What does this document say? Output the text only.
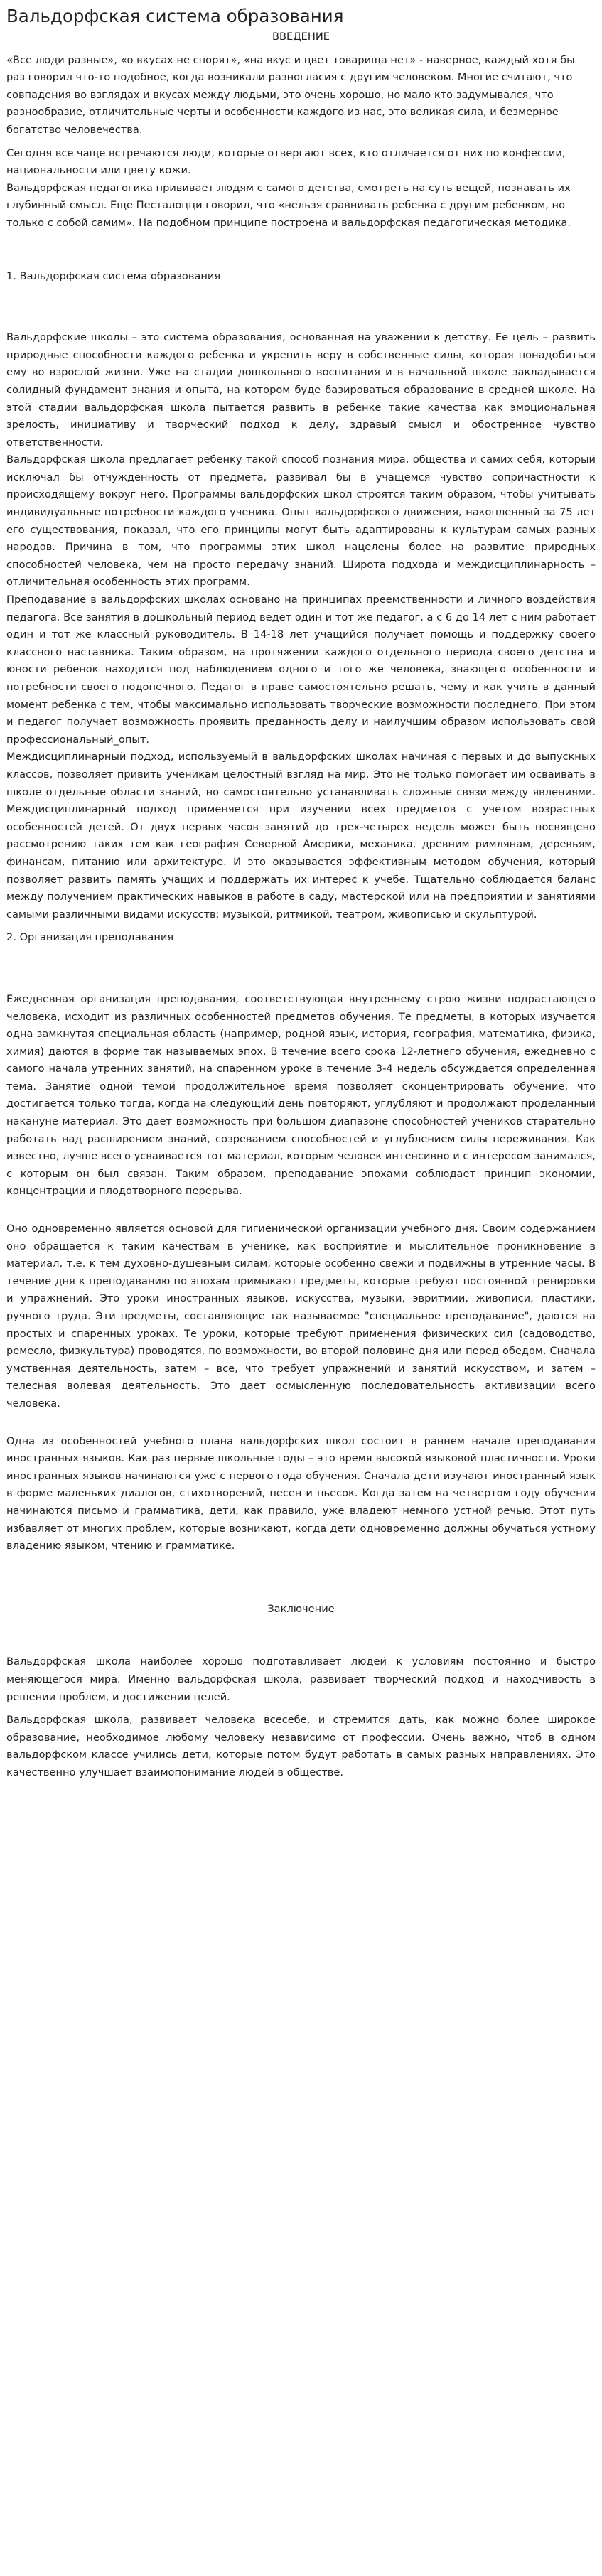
Вальдорфская система образования
ВВЕДЕНИЕ

«Все люди разные», «о вкусах не спорят», «на вкус и цвет товарища нет» - наверное, каждый хотя бы раз говорил что-то подобное, когда возникали разногласия с другим человеком. Многие считают, что совпадения во взглядах и вкусах между людьми, это очень хорошо, но мало кто задумывался, что разнообразие, отличительные черты и особенности каждого из нас, это великая сила, и безмерное богатство человечества.

Сегодня все чаще встречаются люди, которые отвергают всех, кто отличается от них по конфессии, национальности или цвету кожи.

Вальдорфская педагогика прививает людям с самого детства, смотреть на суть вещей, познавать их глубинный смысл. Еще Песталоцци говорил, что «нельзя сравнивать ребенка с другим ребенком, но только с собой самим». На подобном принципе построена и вальдорфская педагогическая методика.

1. Вальдорфская система образования

Вальдорфские школы – это система образования, основанная на уважении к детству. Ее цель – развить природные способности каждого ребенка и укрепить веру в собственные силы, которая понадобиться ему во взрослой жизни. Уже на стадии дошкольного воспитания и в начальной школе закладывается солидный фундамент знания и опыта, на котором буде базироваться образование в средней школе. На этой стадии вальдорфская школа пытается развить в ребенке такие качества как эмоциональная зрелость, инициативу и творческий подход к делу, здравый смысл и обостренное чувство ответственности.

Вальдорфская школа предлагает ребенку такой способ познания мира, общества и самих себя, который исключал бы отчужденность от предмета, развивал бы в учащемся чувство сопричастности к происходящему вокруг него. Программы вальдорфских школ строятся таким образом, чтобы учитывать индивидуальные потребности каждого ученика. Опыт вальдорфского движения, накопленный за 75 лет его существования, показал, что его принципы могут быть адаптированы к культурам самых разных народов. Причина в том, что программы этих школ нацелены более на развитие природных способностей человека, чем на просто передачу знаний. Широта подхода и междисциплинарность – отличительная особенность этих программ.

Преподавание в вальдорфских школах основано на принципах преемственности и личного воздействия педагога. Все занятия в дошкольный период ведет один и тот же педагог, а с 6 до 14 лет с ним работает один и тот же классный руководитель. В 14-18 лет учащийся получает помощь и поддержку своего классного наставника. Таким образом, на протяжении каждого отдельного периода своего детства и юности ребенок находится под наблюдением одного и того же человека, знающего особенности и потребности своего подопечного. Педагог в праве самостоятельно решать, чему и как учить в данный момент ребенка с тем, чтобы максимально использовать творческие возможности последнего. При этом и педагог получает возможность проявить преданность делу и наилучшим образом использовать свой профессиональный_опыт.

Междисциплинарный подход, используемый в вальдорфских школах начиная с первых и до выпускных классов, позволяет привить ученикам целостный взгляд на мир. Это не только помогает им осваивать в школе отдельные области знаний, но самостоятельно устанавливать сложные связи между явлениями. Междисциплинарный подход применяется при изучении всех предметов с учетом возрастных особенностей детей. От двух первых часов занятий до трех-четырех недель может быть посвящено рассмотрению таких тем как география Северной Америки, механика, древним римлянам, деревьям, финансам, питанию или архитектуре. И это оказывается эффективным методом обучения, который позволяет развить память учащих и поддержать их интерес к учебе. Тщательно соблюдается баланс между получением практических навыков в работе в саду, мастерской или на предприятии и занятиями самыми различными видами искусств: музыкой, ритмикой, театром, живописью и скульптурой.

2. Организация преподавания

Ежедневная организация преподавания, соответствующая внутреннему строю жизни подрастающего человека, исходит из различных особенностей предметов обучения. Те предметы, в которых изучается одна замкнутая специальная область (например, родной язык, история, география, математика, физика, химия) даются в форме так называемых эпох. В течение всего срока 12-летнего обучения, ежедневно с самого начала утренних занятий, на спаренном уроке в течение 3-4 недель обсуждается определенная тема. Занятие одной темой продолжительное время позволяет сконцентрировать обучение, что достигается только тогда, когда на следующий день повторяют, углубляют и продолжают проделанный накануне материал. Это дает возможность при большом диапазоне способностей учеников старательно работать над расширением знаний, созреванием способностей и углублением силы переживания. Как известно, лучше всего усваивается тот материал, которым человек интенсивно и с интересом занимался, с которым он был связан. Таким образом, преподавание эпохами соблюдает принцип экономии, концентрации и плодотворного перерыва.

Оно одновременно является основой для гигиенической организации учебного дня. Своим содержанием оно обращается к таким качествам в ученике, как восприятие и мыслительное проникновение в материал, т.е. к тем духовно-душевным силам, которые особенно свежи и подвижны в утренние часы. В течение дня к преподаванию по эпохам примыкают предметы, которые требуют постоянной тренировки и упражнений. Это уроки иностранных языков, искусства, музыки, эвритмии, живописи, пластики, ручного труда. Эти предметы, составляющие так называемое "специальное преподавание", даются на простых и спаренных уроках. Те уроки, которые требуют применения физических сил (садоводство, ремесло, физкультура) проводятся, по возможности, во второй половине дня или перед обедом. Сначала умственная деятельность, затем – все, что требует упражнений и занятий искусством, и затем – телесная волевая деятельность. Это дает осмысленную последовательность активизации всего человека.

Одна из особенностей учебного плана вальдорфских школ состоит в раннем начале преподавания иностранных языков. Как раз первые школьные годы – это время высокой языковой пластичности. Уроки иностранных языков начинаются уже с первого года обучения. Сначала дети изучают иностранный язык в форме маленьких диалогов, стихотворений, песен и пьесок. Когда затем на четвертом году обучения начинаются письмо и грамматика, дети, как правило, уже владеют немного устной речью. Этот путь избавляет от многих проблем, которые возникают, когда дети одновременно должны обучаться устному владению языком, чтению и грамматике.

Заключение

Вальдорфская школа наиболее хорошо подготавливает людей к условиям постоянно и быстро меняющегося мира. Именно вальдорфская школа, развивает творческий подход и находчивость в решении проблем, и достижении целей.

Вальдорфская школа, развивает человека всесебе, и стремится дать, как можно более широкое образование, необходимое любому человеку независимо от профессии. Очень важно, чтоб в одном вальдорфском классе учились дети, которые потом будут работать в самых разных направлениях. Это качественно улучшает взаимопонимание людей в обществе.
